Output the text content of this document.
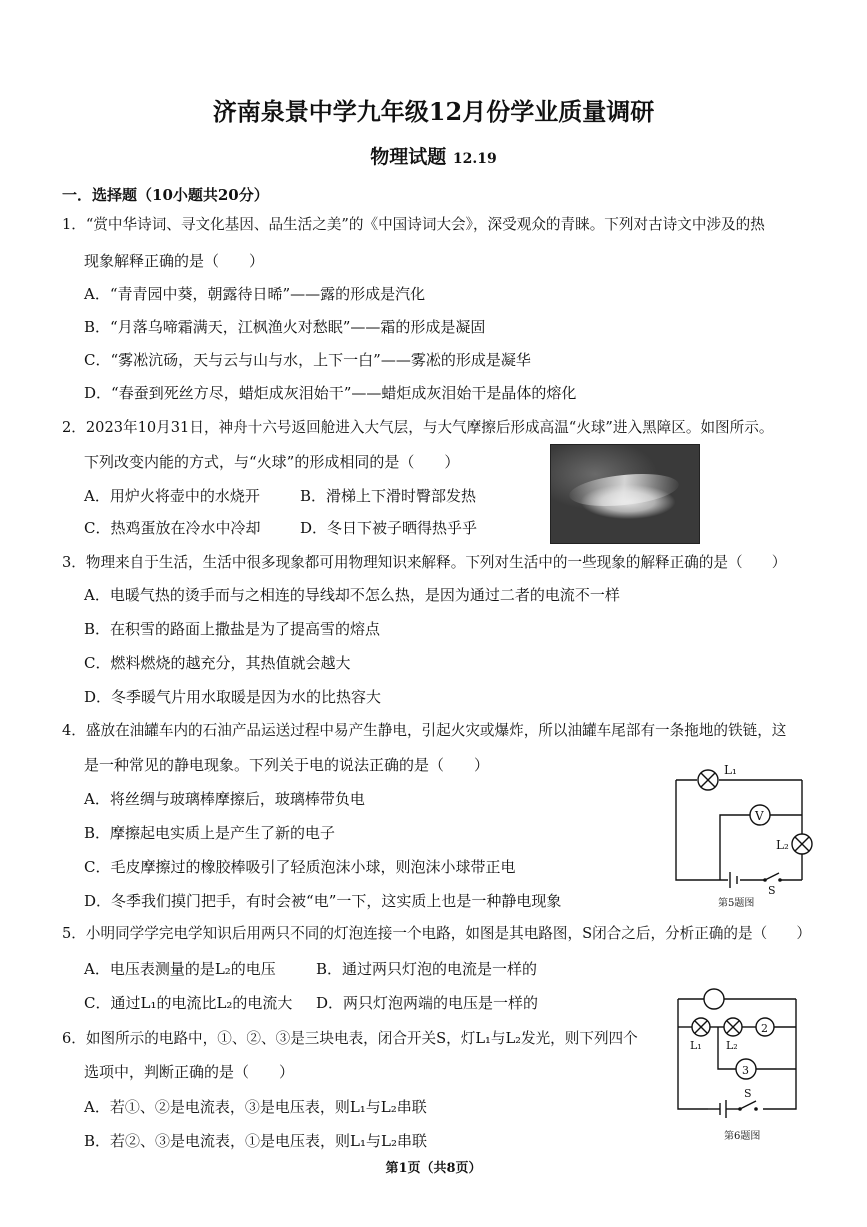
济南泉景中学九年级12月份学业质量调研
物理试题 12.19
一．选择题（10小题共20分）
1．“赏中华诗词、寻文化基因、品生活之美”的《中国诗词大会》，深受观众的青睐。下列对古诗文中涉及的热
现象解释正确的是（　　）
A．“青青园中葵，朝露待日晞”——露的形成是汽化
B．“月落乌啼霜满天，江枫渔火对愁眠”——霜的形成是凝固
C．“雾凇沆砀，天与云与山与水，上下一白”——雾凇的形成是凝华
D．“春蚕到死丝方尽，蜡炬成灰泪始干”——蜡炬成灰泪始干是晶体的熔化
2．2023年10月31日，神舟十六号返回舱进入大气层，与大气摩擦后形成高温“火球”进入黑障区。如图所示。
下列改变内能的方式，与“火球”的形成相同的是（　　）
A．用炉火将壶中的水烧开	B．滑梯上下滑时臀部发热
C．热鸡蛋放在冷水中冷却	D．冬日下被子晒得热乎乎
3．物理来自于生活，生活中很多现象都可用物理知识来解释。下列对生活中的一些现象的解释正确的是（　　）
A．电暖气热的烫手而与之相连的导线却不怎么热，是因为通过二者的电流不一样
B．在积雪的路面上撒盐是为了提高雪的熔点
C．燃料燃烧的越充分，其热值就会越大
D．冬季暖气片用水取暖是因为水的比热容大
4．盛放在油罐车内的石油产品运送过程中易产生静电，引起火灾或爆炸，所以油罐车尾部有一条拖地的铁链，这
是一种常见的静电现象。下列关于电的说法正确的是（　　）
A．将丝绸与玻璃棒摩擦后，玻璃棒带负电
B．摩擦起电实质上是产生了新的电子
C．毛皮摩擦过的橡胶棒吸引了轻质泡沫小球，则泡沫小球带正电
D．冬季我们摸门把手，有时会被“电”一下，这实质上也是一种静电现象
L₁
V
L₂
S
第5题图
5．小明同学学完电学知识后用两只不同的灯泡连接一个电路，如图是其电路图，S闭合之后，分析正确的是（　　）
A．电压表测量的是L₂的电压	B．通过两只灯泡的电流是一样的
C．通过L₁的电流比L₂的电流大 D．两只灯泡两端的电压是一样的
2
3
L₁ L₂
S
第6题图
6．如图所示的电路中，①、②、③是三块电表，闭合开关S，灯L₁与L₂发光，则下列四个
选项中，判断正确的是（　　）
A．若①、②是电流表，③是电压表，则L₁与L₂串联
B．若②、③是电流表，①是电压表，则L₁与L₂串联
第1页（共8页）
